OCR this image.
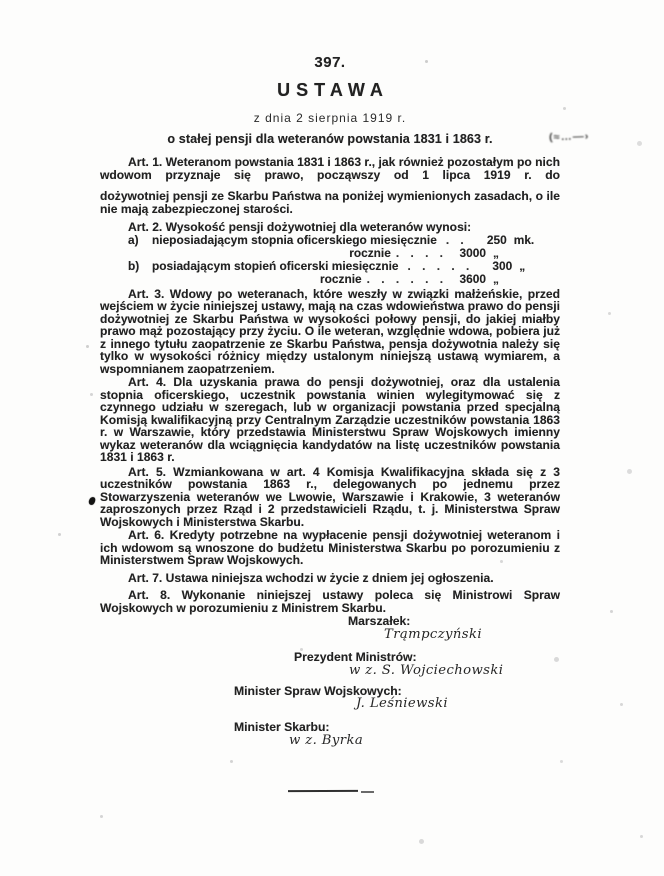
397.
USTAWA
z dnia 2 sierpnia 1919 r.
o stałej pensji dla weteranów powstania 1831 i 1863 r.

Art. 1. Weteranom powstania 1831 i 1863 r., jak również pozostałym po nich wdowom przyznaje się prawo, począwszy od 1 lipca 1919 r. do

dożywotniej pensji ze Skarbu Państwa na poniżej wymienionych zasadach, o ile nie mają zabezpieczonej starości.

Art. 2. Wysokość pensji dożywotniej dla weteranów wynosi:

a)	nieposiadającym stopnia oficerskiego miesięcznie . .	250 mk.
rocznie . . . .	3000 „
b)	posiadającym stopień oficerski miesięcznie . . . . .	300 „
rocznie . . . . . .	3600 „

Art. 3. Wdowy po weteranach, które weszły w związki małżeńskie, przed wejściem w życie niniejszej ustawy, mają na czas wdowieństwa prawo do pensji dożywotniej ze Skarbu Państwa w wysokości połowy pensji, do jakiej miałby prawo mąż pozostający przy życiu. O ile weteran, względnie wdowa, pobiera już z innego tytułu zaopatrzenie ze Skarbu Państwa, pensja dożywotnia należy się tylko w wysokości różnicy między ustalonym niniejszą ustawą wymiarem, a wspomnianem zaopatrzeniem.

Art. 4. Dla uzyskania prawa do pensji dożywotniej, oraz dla ustalenia stopnia oficerskiego, uczestnik powstania winien wylegitymować się z czynnego udziału w szeregach, lub w organizacji powstania przed specjalną Komisją kwalifikacyjną przy Centralnym Zarządzie uczestników powstania 1863 r. w Warszawie, który przedstawia Ministerstwu Spraw Wojskowych imienny wykaz weteranów dla wciągnięcia kandydatów na listę uczestników powstania 1831 i 1863 r.

Art. 5. Wzmiankowana w art. 4 Komisja Kwalifikacyjna składa się z 3 uczestników powstania 1863 r., delegowanych po jednemu przez Stowarzyszenia weteranów we Lwowie, Warszawie i Krakowie, 3 weteranów zaproszonych przez Rząd i 2 przedstawicieli Rządu, t. j. Ministerstwa Spraw Wojskowych i Ministerstwa Skarbu.

Art. 6. Kredyty potrzebne na wypłacenie pensji dożywotniej weteranom i ich wdowom są wnoszone do budżetu Ministerstwa Skarbu po porozumieniu z Ministerstwem Spraw Wojskowych.

Art. 7. Ustawa niniejsza wchodzi w życie z dniem jej ogłoszenia.

Art. 8. Wykonanie niniejszej ustawy poleca się Ministrowi Spraw Wojskowych w porozumieniu z Ministrem Skarbu.

Marszałek:
Trąmpczyński
Prezydent Ministrów:
w z. S. Wojciechowski
Minister Spraw Wojskowych:
J. Leśniewski
Minister Skarbu:
w z. Byrka
(≈…—›
